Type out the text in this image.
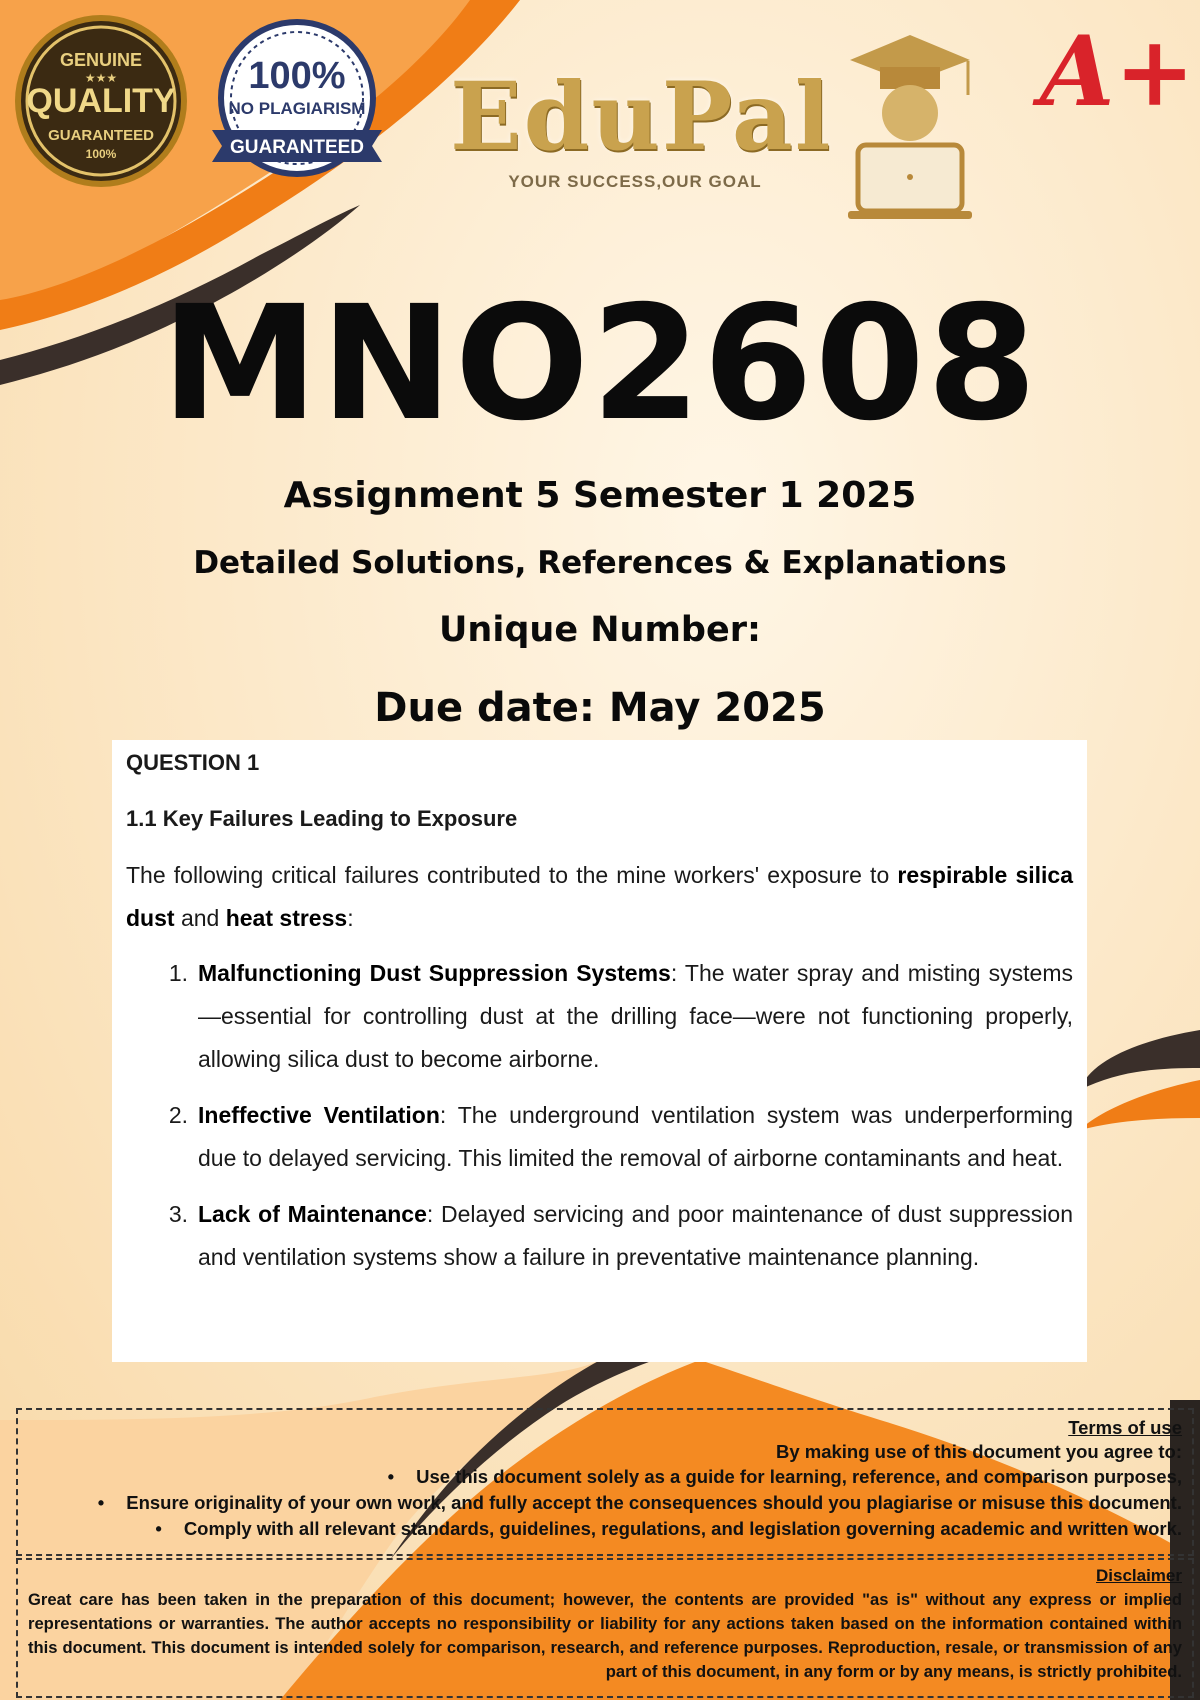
GENUINE
QUALITY
★★★
GUARANTEED
100%
100%
NO PLAGIARISM
GUARANTEED EduPal
YOUR SUCCESS,OUR GOAL
A+
MNO2608
Assignment 5 Semester 1 2025
Detailed Solutions, References & Explanations
Unique Number:
Due date: May 2025
QUESTION 1
1.1 Key Failures Leading to Exposure
The following critical failures contributed to the mine workers' exposure to respirable silica dust and heat stress:
1. Malfunctioning Dust Suppression Systems: The water spray and misting systems—essential for controlling dust at the drilling face—were not functioning properly, allowing silica dust to become airborne.
2. Ineffective Ventilation: The underground ventilation system was underperforming due to delayed servicing. This limited the removal of airborne contaminants and heat.
3. Lack of Maintenance: Delayed servicing and poor maintenance of dust suppression and ventilation systems show a failure in preventative maintenance planning.

Terms of use

By making use of this document you agree to:

• Use this document solely as a guide for learning, reference, and comparison purposes,
• Ensure originality of your own work, and fully accept the consequences should you plagiarise or misuse this document.
• Comply with all relevant standards, guidelines, regulations, and legislation governing academic and written work.
Disclaimer
Great care has been taken in the preparation of this document; however, the contents are provided "as is" without any express or implied representations or warranties. The author accepts no responsibility or liability for any actions taken based on the information contained within this document. This document is intended solely for comparison, research, and reference purposes. Reproduction, resale, or transmission of any part of this document, in any form or by any means, is strictly prohibited.
